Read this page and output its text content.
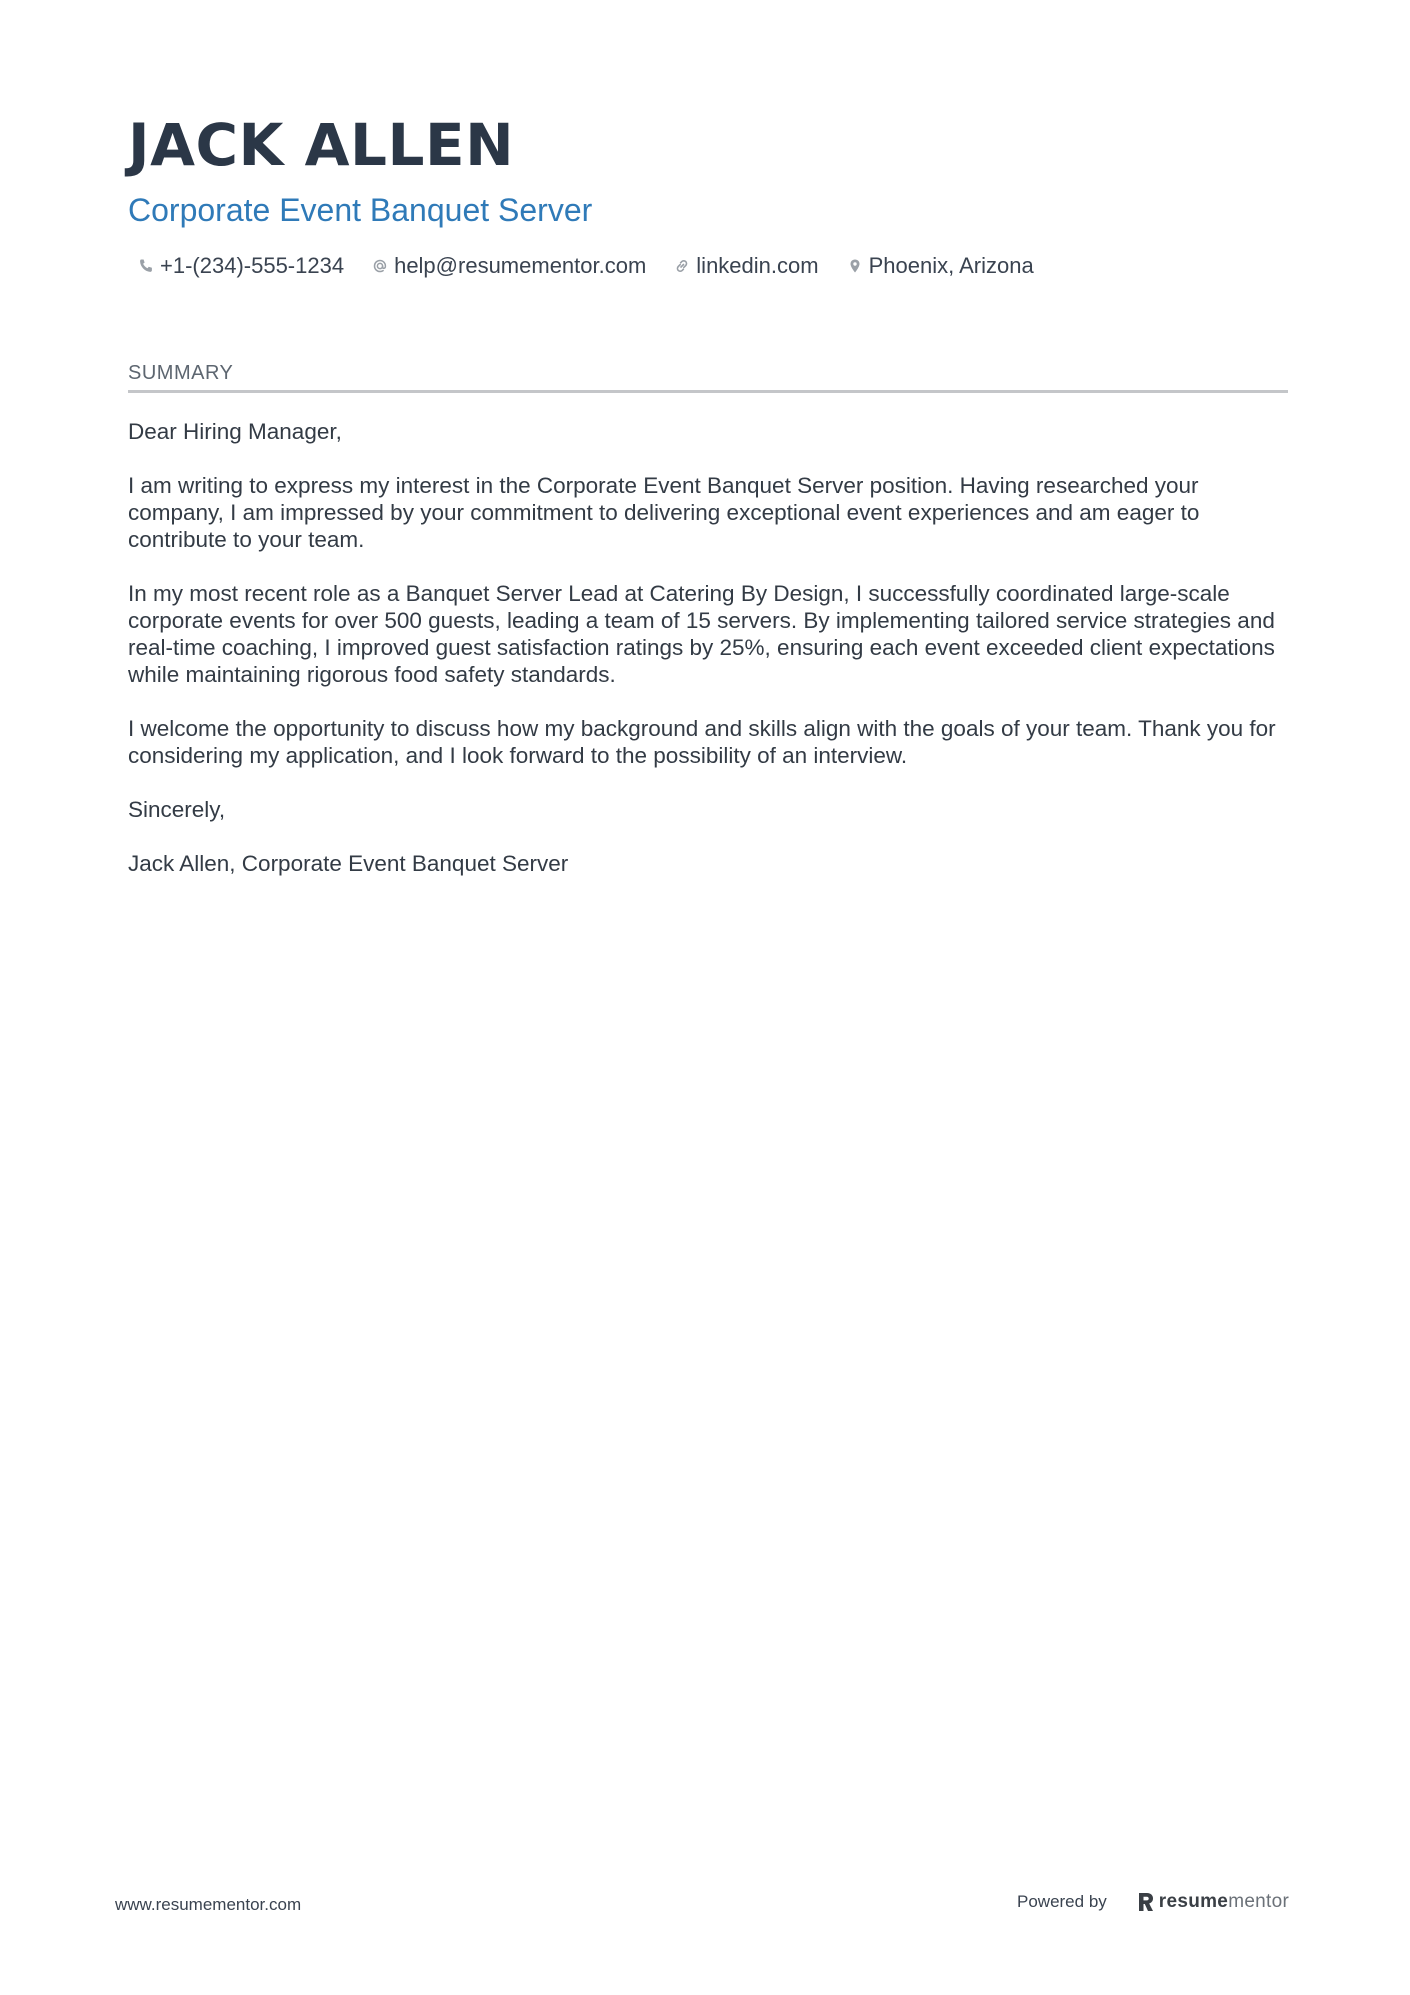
JACK ALLEN
Corporate Event Banquet Server
+1-(234)-555-1234 help@resumementor.com linkedin.com Phoenix, Arizona
SUMMARY

Dear Hiring Manager,

I am writing to express my interest in the Corporate Event Banquet Server position. Having researched your company, I am impressed by your commitment to delivering exceptional event experiences and am eager to contribute to your team.

In my most recent role as a Banquet Server Lead at Catering By Design, I successfully coordinated large-scale corporate events for over 500 guests, leading a team of 15 servers. By implementing tailored service strategies and real-time coaching, I improved guest satisfaction ratings by 25%, ensuring each event exceeded client expectations while maintaining rigorous food safety standards.

I welcome the opportunity to discuss how my background and skills align with the goals of your team. Thank you for considering my application, and I look forward to the possibility of an interview.

Sincerely,

Jack Allen, Corporate Event Banquet Server

www.resumementor.com	Powered by	resume mentor
